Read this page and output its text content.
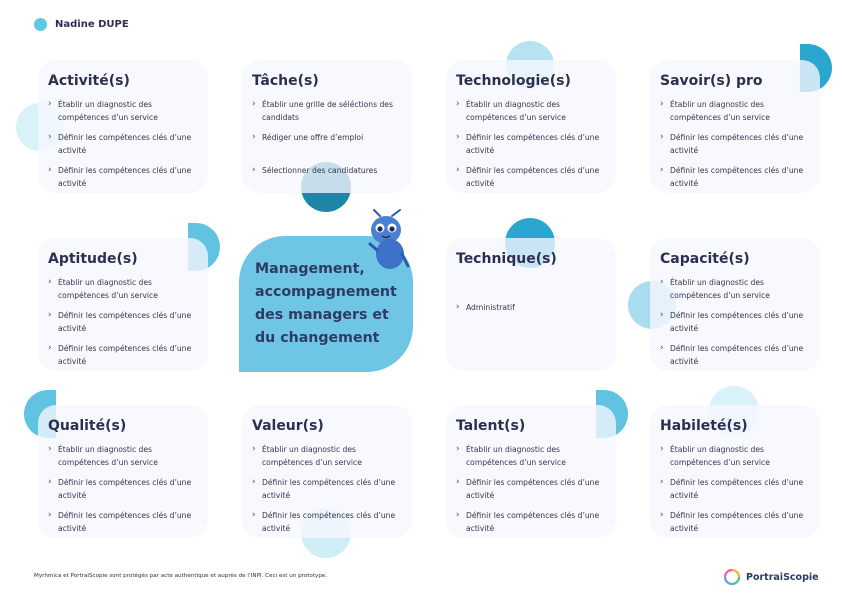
Nadine DUPE
Activité(s)
› Établir un diagnostic des compétences d’un service
› Définir les compétences clés d’une activité
› Définir les compétences clés d’une activité
Tâche(s)
› Établir une grille de séléctions des candidats
› Rédiger une offre d’emploi
› Sélectionner des candidatures
Technologie(s)
› Établir un diagnostic des compétences d’un service
› Définir les compétences clés d’une activité
› Définir les compétences clés d’une activité
Savoir(s) pro
› Établir un diagnostic des compétences d’un service
› Définir les compétences clés d’une activité
› Définir les compétences clés d’une activité
Aptitude(s)
› Établir un diagnostic des compétences d’un service
› Définir les compétences clés d’une activité
› Définir les compétences clés d’une activité
Technique(s)
› Administratif
Capacité(s)
› Établir un diagnostic des compétences d’un service
› Définir les compétences clés d’une activité
› Définir les compétences clés d’une activité
Qualité(s)
› Établir un diagnostic des compétences d’un service
› Définir les compétences clés d’une activité
› Définir les compétences clés d’une activité
Valeur(s)
› Établir un diagnostic des compétences d’un service
› Définir les compétences clés d’une activité
› Définir les compétences clés d’une activité
Talent(s)
› Établir un diagnostic des compétences d’un service
› Définir les compétences clés d’une activité
› Définir les compétences clés d’une activité
Habileté(s)
› Établir un diagnostic des compétences d’un service
› Définir les compétences clés d’une activité
› Définir les compétences clés d’une activité
Management, accompagnement des managers et du changement
Myrhmica et PortraiScopie sont protégés par acte authentique et auprès de l’INPI. Ceci est un prototype.	PortraiScopie
